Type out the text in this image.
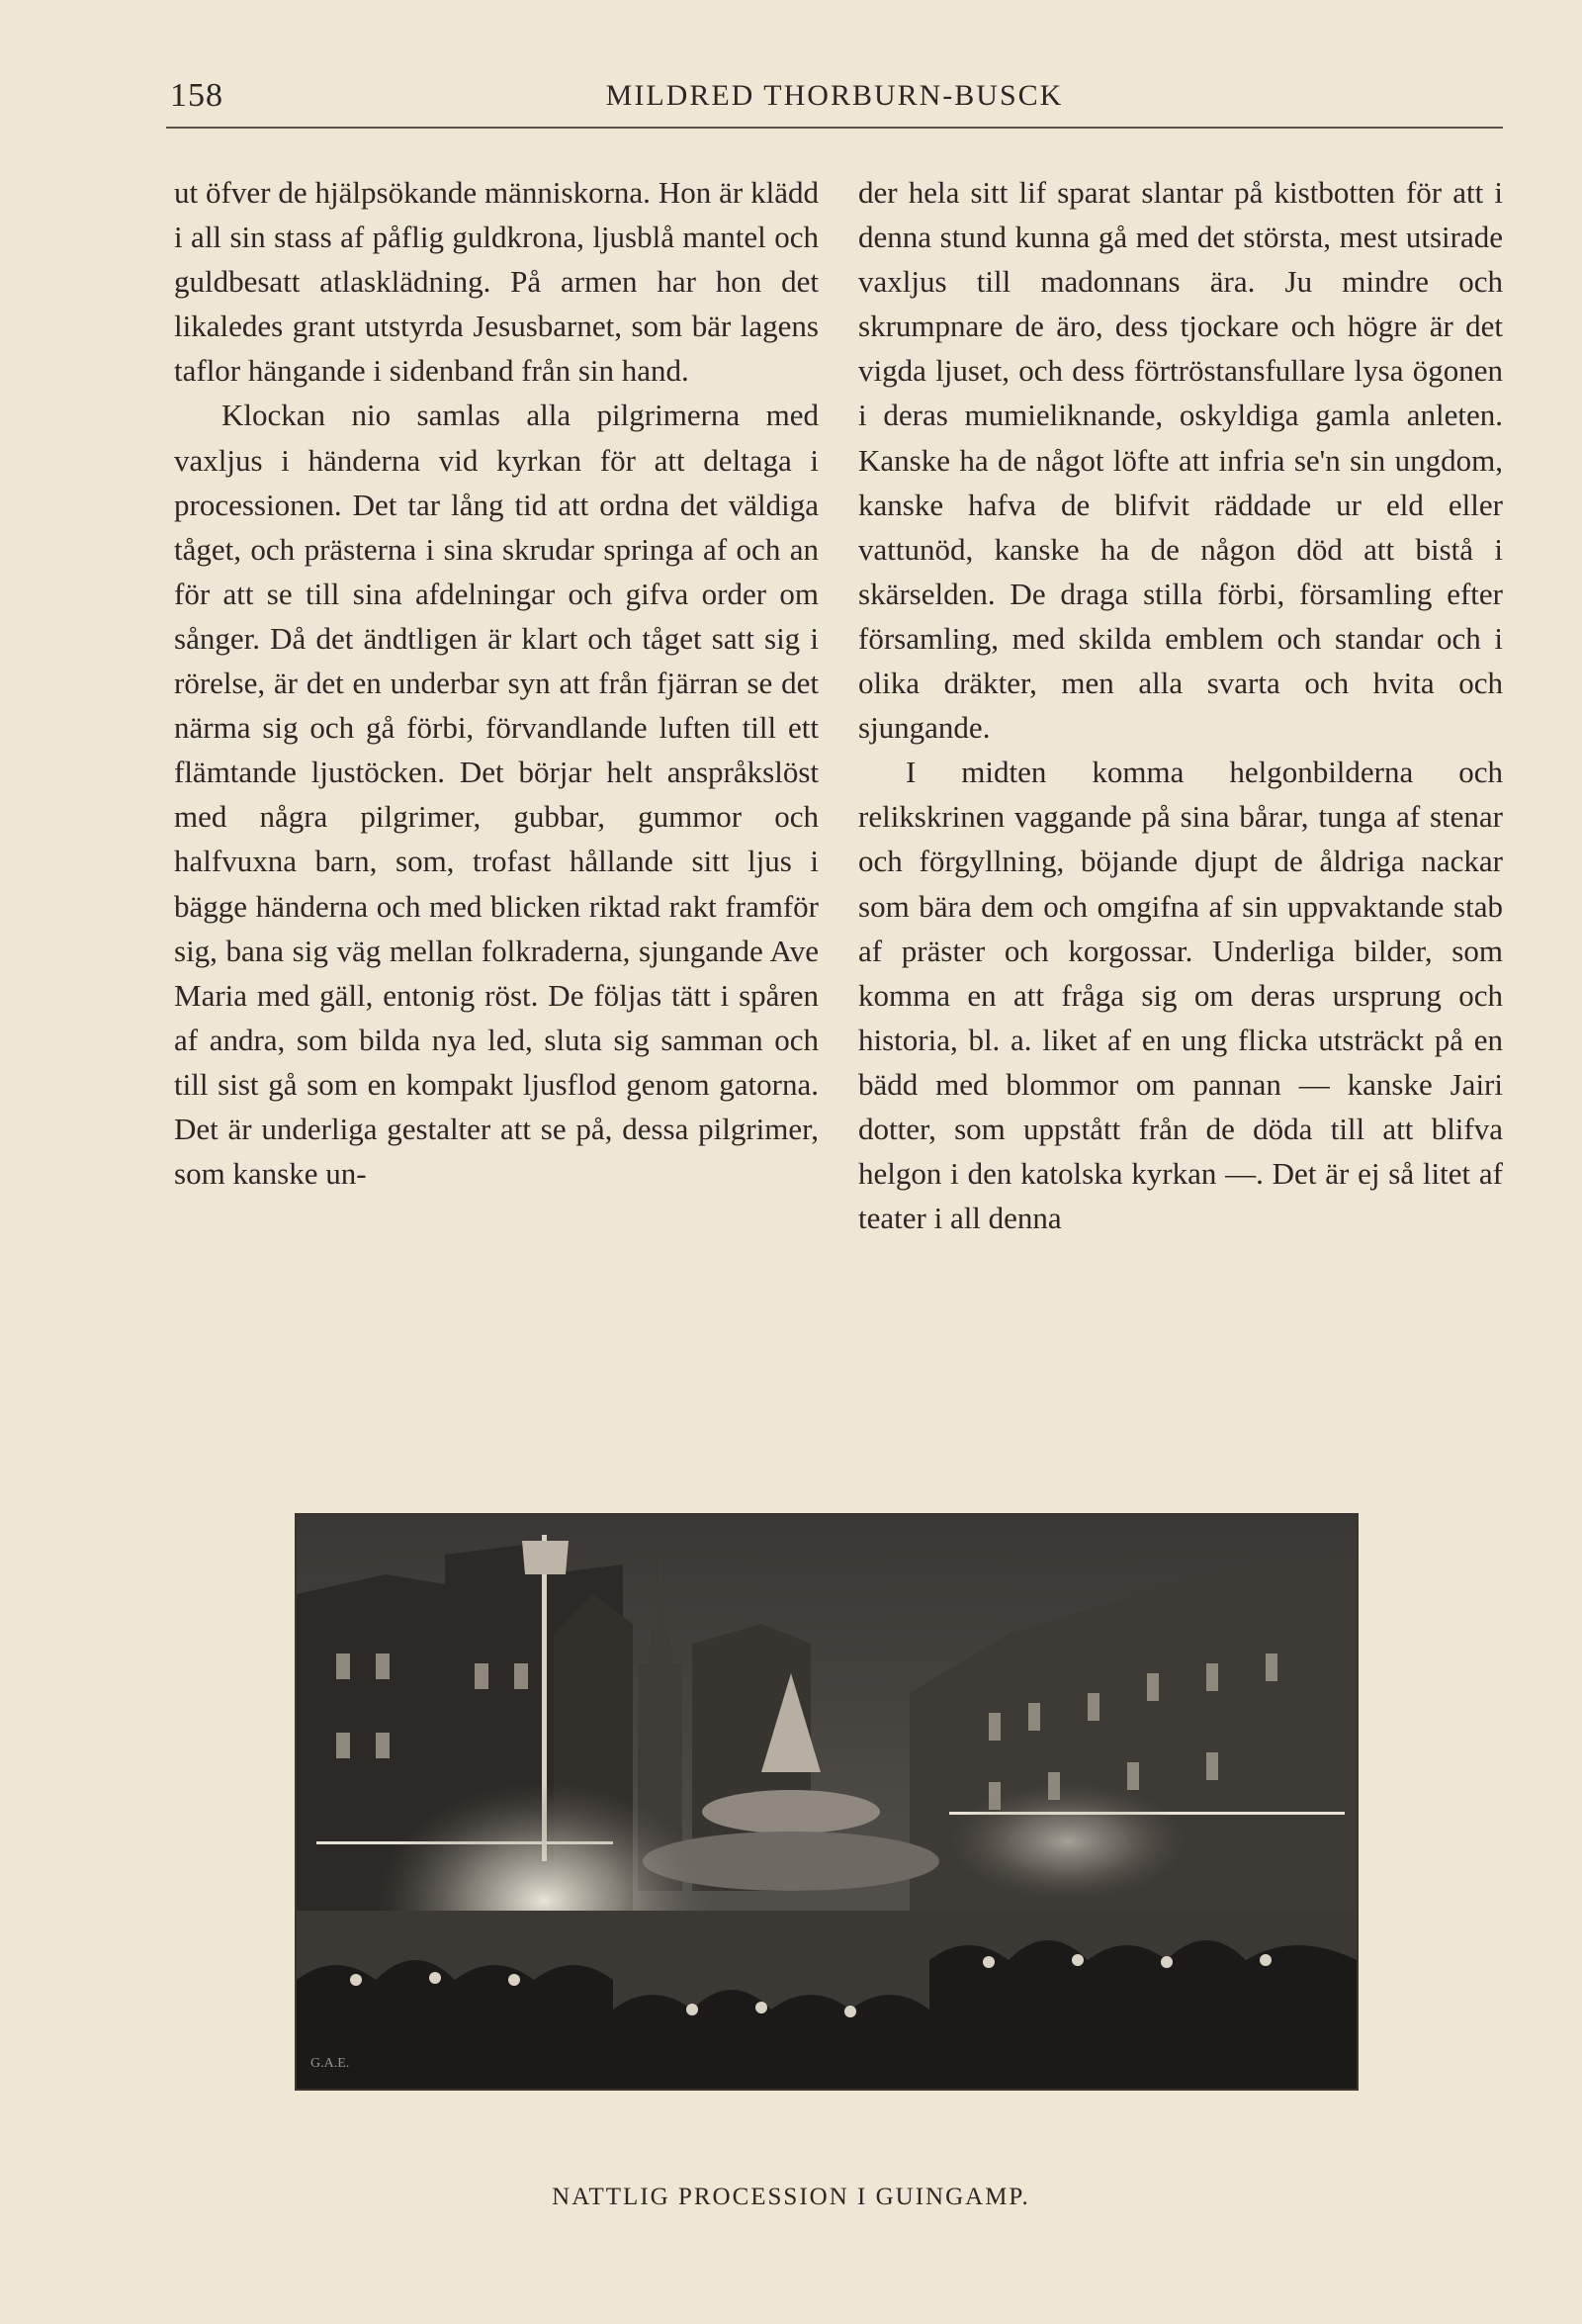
158	MILDRED THORBURN-BUSCK

ut öfver de hjälpsökande människorna. Hon är klädd i all sin stass af påflig guldkrona, ljusblå mantel och guldbesatt atlasklädning. På armen har hon det likaledes grant utstyrda Jesusbarnet, som bär lagens taflor hängande i sidenband från sin hand.

Klockan nio samlas alla pilgrimerna med vaxljus i händerna vid kyrkan för att deltaga i processionen. Det tar lång tid att ordna det väldiga tåget, och prästerna i sina skrudar springa af och an för att se till sina afdelningar och gifva order om sånger. Då det ändtligen är klart och tåget satt sig i rörelse, är det en underbar syn att från fjärran se det närma sig och gå förbi, förvandlande luften till ett flämtande ljustöcken. Det börjar helt anspråkslöst med några pilgrimer, gubbar, gummor och halfvuxna barn, som, trofast hållande sitt ljus i bägge händerna och med blicken riktad rakt framför sig, bana sig väg mellan folkraderna, sjungande Ave Maria med gäll, entonig röst. De följas tätt i spåren af andra, som bilda nya led, sluta sig samman och till sist gå som en kompakt ljusflod genom gatorna. Det är underliga gestalter att se på, dessa pilgrimer, som kanske un-

der hela sitt lif sparat slantar på kistbotten för att i denna stund kunna gå med det största, mest utsirade vaxljus till madonnans ära. Ju mindre och skrumpnare de äro, dess tjockare och högre är det vigda ljuset, och dess förtröstansfullare lysa ögonen i deras mumieliknande, oskyldiga gamla anleten. Kanske ha de något löfte att infria se'n sin ungdom, kanske hafva de blifvit räddade ur eld eller vattunöd, kanske ha de någon död att bistå i skärselden. De draga stilla förbi, församling efter församling, med skilda emblem och standar och i olika dräkter, men alla svarta och hvita och sjungande.

I midten komma helgonbilderna och relikskrinen vaggande på sina bårar, tunga af stenar och förgyllning, böjande djupt de åldriga nackar som bära dem och omgifna af sin uppvaktande stab af präster och korgossar. Underliga bilder, som komma en att fråga sig om deras ursprung och historia, bl. a. liket af en ung flicka utsträckt på en bädd med blommor om pannan — kanske Jairi dotter, som uppstått från de döda till att blifva helgon i den katolska kyrkan —. Det är ej så litet af teater i all denna

G.A.E.
NATTLIG PROCESSION I GUINGAMP.
